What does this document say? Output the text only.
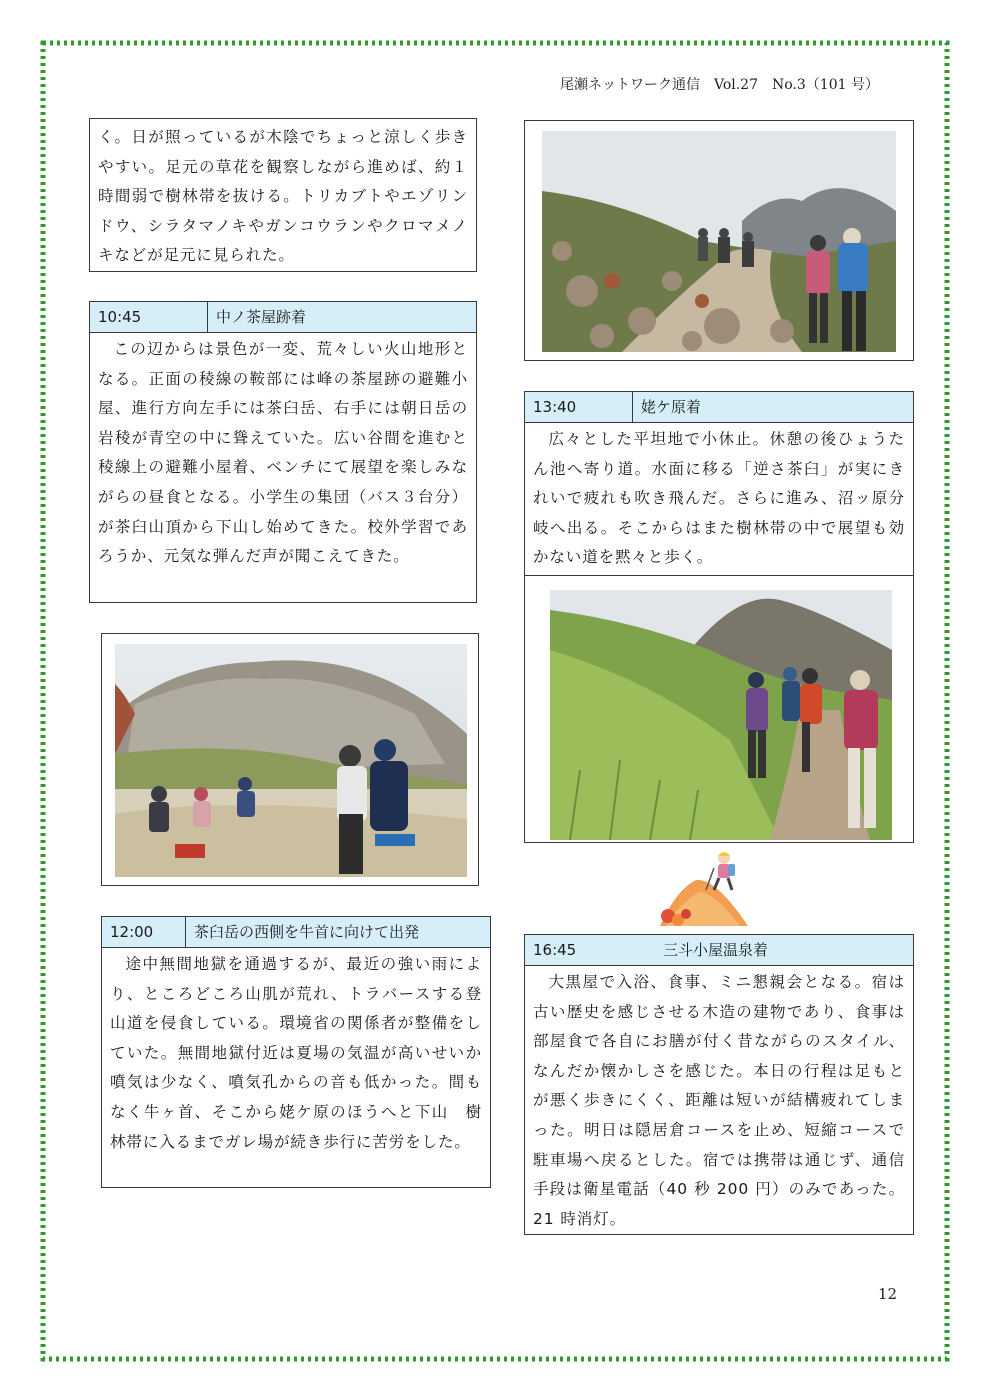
尾瀬ネットワーク通信　Vol.27　No.3（101 号）
く。日が照っているが木陰でちょっと涼しく歩きやすい。足元の草花を観察しながら進めば、約１時間弱で樹林帯を抜ける。トリカブトやエゾリンドウ、シラタマノキやガンコウランやクロマメノキなどが足元に見られた。
10:45	中ノ茶屋跡着
この辺からは景色が一変、荒々しい火山地形となる。正面の稜線の鞍部には峰の茶屋跡の避難小屋、進行方向左手には茶臼岳、右手には朝日岳の岩稜が青空の中に聳えていた。広い谷間を進むと稜線上の避難小屋着、ベンチにて展望を楽しみながらの昼食となる。小学生の集団（バス３台分）が茶臼山頂から下山し始めてきた。校外学習であろうか、元気な弾んだ声が聞こえてきた。
12:00	茶臼岳の西側を牛首に向けて出発
途中無間地獄を通過するが、最近の強い雨により、ところどころ山肌が荒れ、トラバースする登山道を侵食している。環境省の関係者が整備をしていた。無間地獄付近は夏場の気温が高いせいか噴気は少なく、噴気孔からの音も低かった。間もなく牛ヶ首、そこから姥ケ原のほうへと下山　樹林帯に入るまでガレ場が続き歩行に苦労をした。
13:40	姥ケ原着
広々とした平坦地で小休止。休憩の後ひょうたん池へ寄り道。水面に移る「逆さ茶臼」が実にきれいで疲れも吹き飛んだ。さらに進み、沼ッ原分岐へ出る。そこからはまた樹林帯の中で展望も効かない道を黙々と歩く。
16:45	三斗小屋温泉着
大黒屋で入浴、食事、ミニ懇親会となる。宿は古い歴史を感じさせる木造の建物であり、食事は部屋食で各自にお膳が付く昔ながらのスタイル、なんだか懐かしさを感じた。本日の行程は足もとが悪く歩きにくく、距離は短いが結構疲れてしまった。明日は隠居倉コースを止め、短縮コースで駐車場へ戻るとした。宿では携帯は通じず、通信手段は衛星電話（40 秒 200 円）のみであった。21 時消灯。
12
